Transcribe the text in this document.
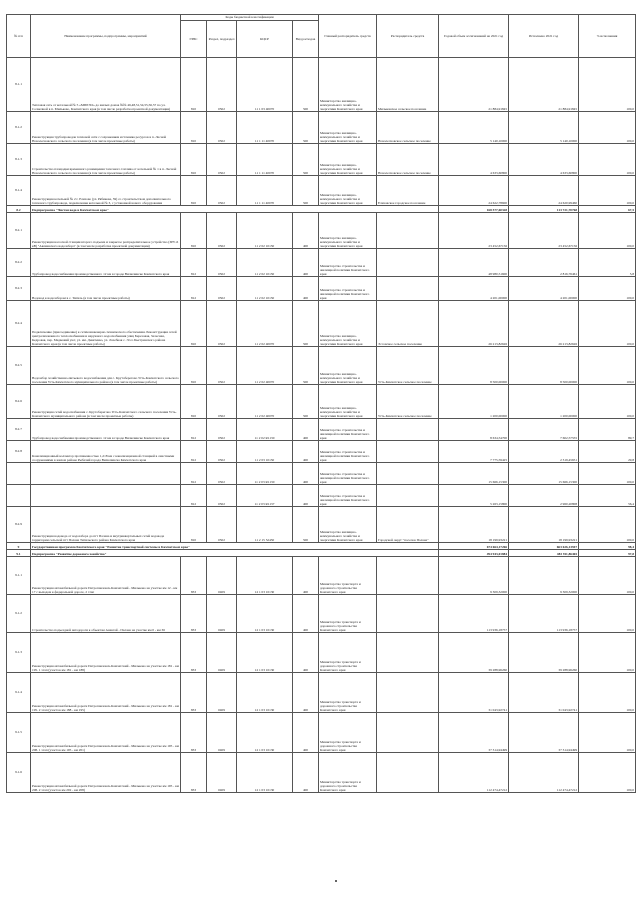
№ п/п	Наименование программы, подпрограммы, мероприятий	Коды бюджетной классификации				Главный распорядитель средств	Распорядитель средств	Годовой объем ассигнований на 2021 год	Исполнено 2021 год	% исполнения
		ГРБС	Раздел, подраздел	КЦСР	Вид расходов					
8.1.1	Тепловая сеть от котельной № 5 «МПРЭО» до жилых домов №№ 46,48,51,54,55,56,57 по ул. Солнечной в п. Мильково, Камчатского края (в том числе разработка проектной документации)	810	0502	11 1 03 40070	500	Министерство жилищно-коммунального хозяйства и энергетики Камчатского края	Мильковское сельское поселение	21 884,91845	21 884,91845	100,0
8.1.2	Реконструкция трубопроводов тепловой сети с сохранением источника ресурсов в п. Лесной Новолесновского сельского поселения (в том числе проектные работы)	810	0502	11 1 11 40070	500	Министерство жилищно-коммунального хозяйства и энергетики Камчатского края	Новолесновское сельское поселение	5 140,10000	5 140,10000	100,0
8.1.3	Строительство площадки временного размещения топочного топлива от котельной № 1 в п. Лесной Новолесновского сельского поселения (в том числе проектные работы)	810	0502	11 1 11 40070	500	Министерство жилищно-коммунального хозяйства и энергетики Камчатского края	Новолесновское сельское поселение	4 633,60800	4 633,60800	100,0
8.1.4	Реконструкция котельной № 2 г. Елизово (ул. Рябикова, 59) со строительством дополнительного теплового трубопровода, подключение котельной № 3, с установкой нового оборудования	810	0502	11 1 11 40070	500	Министерство жилищно-коммунального хозяйства и энергетики Камчатского края	Елизовское городское поселение	24 622,78600	24 620,99460	100,0
8.2	Подпрограмма "Чистая вода в Камчатском крае"							168 577,60328	113 721,70768	67,5
8.2.1	Реконструкция насосной станции второго подъема и закрытое распределительное устройство (ЗРУ-6 кВ) "Авачинского водозабора" (в том числе разработка проектной документации)	810	0502	11 2 02 10130	400	Министерство жилищно-коммунального хозяйства и энергетики Камчатского края		23 452,67156	23 452,67156	100,0
8.2.2	Трубопровод водоснабжения производственного 12 км в городе Вилючинске Камчатского края	812	0502	11 2 02 10130	400	Министерство строительства и жилищной политики Камчатского края		48 980,51600	2 816,76461	5,8
8.2.3	Водовод к водозаборам в с. Тигиль (в том числе проектные работы)	812	0502	11 2 02 10130	400	Министерство строительства и жилищной политики Камчатского края		4 201,00000	4 201,00000	100,0
8.2.4	Подключение (присоединение) к сетям инженерно-технического обеспечения. Реконструкция сетей централизованного теплоснабжения и наружного водоснабжения улиц Березовая, Залесная, Кедровая, пер. Медвежий уют, ул. им. Девятенко, ул. Лазебная с. Эссо Быстринского района Камчатского края (в том числе проектные работы)	810	0502	11 2 02 40070	500	Министерство жилищно-коммунального хозяйства и энергетики Камчатского края	Эссовское сельское поселение	26 213,82626	26 213,82626	100,0
8.2.5	Водозабор хозяйственно-питьевого водоснабжения для с. Крутоберегово Усть-Камчатского сельского поселения Усть-Камчатского муниципального района (в том числе проектные работы)	810	0502	11 2 02 40070	500	Министерство жилищно-коммунального хозяйства и энергетики Камчатского края	Усть-Камчатское сельское поселение	8 500,00000	8 500,00000	100,0
8.2.6	Реконструкция сетей водоснабжения с. Крутоберегово Усть-Камчатского сельского поселения Усть-Камчатского муниципального района (в том числе проектные работы)	810	0502	11 2 02 40070	500	Министерство жилищно-коммунального хозяйства и энергетики Камчатского края	Усть-Камчатское сельское поселение	1 200,00000	1 200,00000	100,0
8.2.7	Трубопровод водоснабжения производственного 12 км в городе Вилючинске Камчатского края	812	0502	11 2 02 R1130	400	Министерство строительства и жилищной политики Камчатского края		8 634,54700	7 602,57555	89,7
8.2.8	Канализационный коллектор протяженностью 1,218 км с канализационной станцией в очистными сооружениями в жилом районе Рыбачий города Вилючинска Камчатского края	812	0502	11 2 03 10130	400	Министерство строительства и жилищной политики Камчатского края		7 775,59425	2 319,45651	29,8
		812	0502	11 2 03 R1130	400	Министерство строительства и жилищной политики Камчатского края		15 666,15300	15 666,15300	100,0
		812	0502	11 2 03 R1137	400	Министерство строительства и жилищной политики Камчатского края		5 263,15800	2 960,20808	56,4
8.2.9	Реконструкция водовода от водозабора до пгт Палана и внутриквартальных сетей водовода территории сельской пгт Палана Тигильского района Камчатского края	810	0502	11 2 15 52430	500	Министерство жилищно-коммунального хозяйства и энергетики Камчатского края	Городской округ "поселок Палана"	18 199,93221	18 199,93221	100,0
9	Государственная программа Камчатского края "Развитие транспортной системы в Камчатском крае"							674 664,17266	663 626,13947	98,4
9.1	Подпрограмма "Развитие дорожного хозяйства"							494 943,01884	483 911,86465	97,8
9.1.1	Реконструкция автомобильной дороги Петропавловск-Камчатский - Мильково на участке км 12 - км 17 с выходом к федеральной дороге, 2 этап	833	0409	12 1 03 10130	400	Министерство транспорта и дорожного строительства Камчатского края		9 309,32000	9 309,32000	100,0
9.1.2	Строительство подъездной автодороги к объектам Анавгай - Палана на участке км 0 - км 36	833	0409	12 1 03 10130	400	Министерство транспорта и дорожного строительства Камчатского края		113 936,18757	113 936,18757	100,0
9.1.3	Реконструкция автомобильной дороги Петропавловск-Камчатский - Мильково на участке км 181 - км 195. 1 этап (участок км 181 - км 188)	833	0409	12 1 03 10130	400	Министерство транспорта и дорожного строительства Камчатского края		39 288,96260	39 288,96260	100,0
9.1.4	Реконструкция автомобильной дороги Петропавловск-Камчатский - Мильково на участке км 181 - км 195. 2 этап (участок км 188 - км 195)	833	0409	12 1 03 10130	400	Министерство транспорта и дорожного строительства Камчатского края		31 043,92741	31 043,92741	100,0
9.1.5	Реконструкция автомобильной дороги Петропавловск-Камчатский - Мильково на участке км 195 - км 208. 1 этап (участок км 195 - км 201)	833	0409	12 1 03 10130	400	Министерство транспорта и дорожного строительства Камчатского края		37 314,94499	37 314,94499	100,0
9.1.6	Реконструкция автомобильной дороги Петропавловск-Камчатский - Мильково на участке км 195 - км 208. 2 этап (участок км 202 - км 208)	833	0409	12 1 03 10130	400	Министерство транспорта и дорожного строительства Камчатского края		112 474,47212	112 474,47212	100,0
